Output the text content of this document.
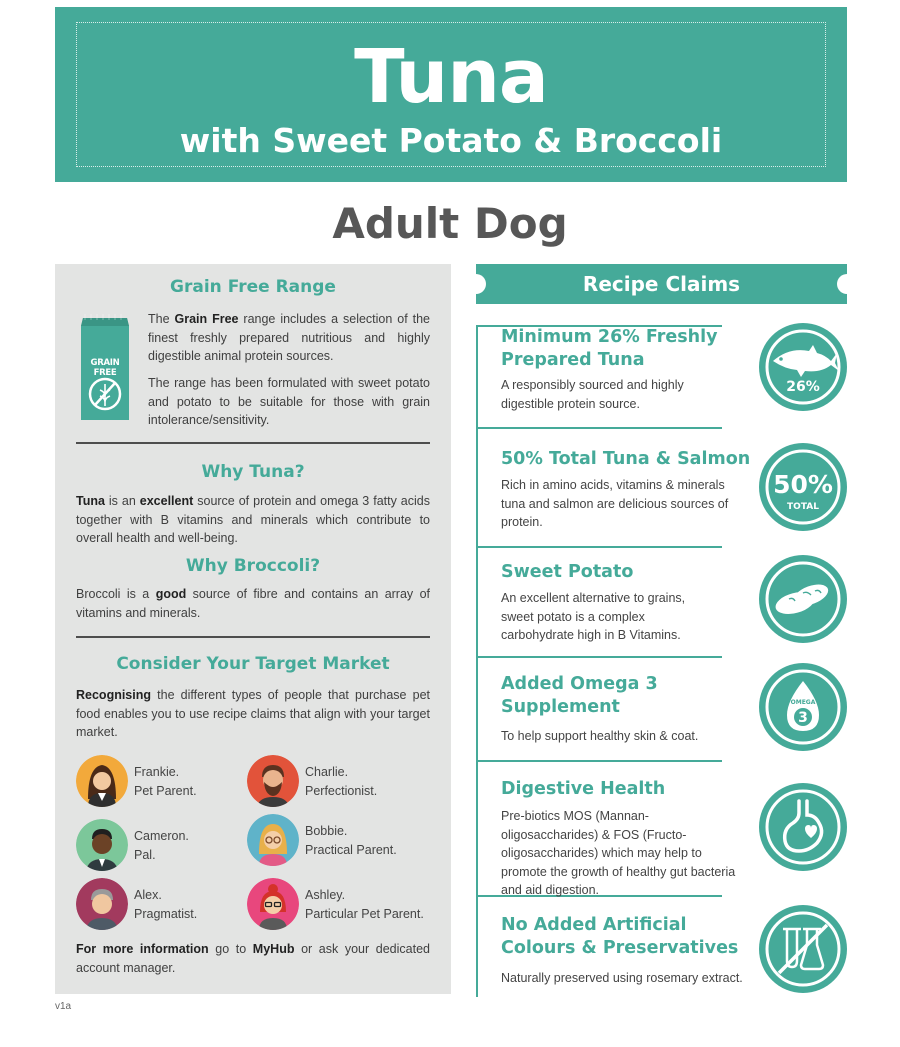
Tuna
with Sweet Potato & Broccoli
Adult Dog
Grain Free Range
GRAIN FREE
The Grain Free range includes a selection of the finest freshly prepared nutritious and highly digestible animal protein sources.
The range has been formulated with sweet potato and potato to be suitable for those with grain intolerance/sensitivity.
Why Tuna?
Tuna is an excellent source of protein and omega 3 fatty acids together with B vitamins and minerals which contribute to overall health and well-being.
Why Broccoli?
Broccoli is a good source of fibre and contains an array of vitamins and minerals.
Consider Your Target Market
Recognising the different types of people that purchase pet food enables you to use recipe claims that align with your target market.
Frankie.
Pet Parent.
Charlie.
Perfectionist.
Cameron.
Pal.
Bobbie.
Practical Parent.
Alex.
Pragmatist.
Ashley.
Particular Pet Parent.
For more information go to MyHub or ask your dedicated account manager.
Recipe Claims
Minimum 26% Freshly Prepared Tuna
A responsibly sourced and highly digestible protein source.
26%
50% Total Tuna & Salmon
Rich in amino acids, vitamins & minerals tuna and salmon are delicious sources of protein.
50%
TOTAL
Sweet Potato
An excellent alternative to grains, sweet potato is a complex carbohydrate high in B Vitamins.
Added Omega 3 Supplement
To help support healthy skin & coat.
OMEGA
3
Digestive Health
Pre-biotics MOS (Mannan-oligosaccharides) & FOS (Fructo-oligosaccharides) which may help to promote the growth of healthy gut bacteria and aid digestion.
No Added Artificial Colours & Preservatives
Naturally preserved using rosemary extract.
v1a
